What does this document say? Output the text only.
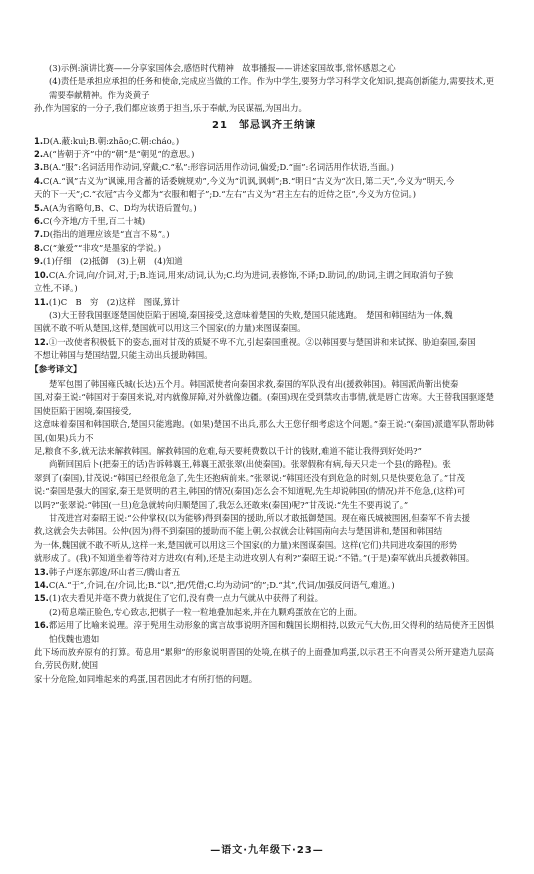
(3)示例:演讲比赛——分享家国体会,感悟时代精神　故事播报——讲述家国故事,常怀感恩之心

(4)责任是承担应承担的任务和使命,完成应当做的工作。作为中学生,要努力学习科学文化知识,提高创新能力,需要技术,更需要奉献精神。作为炎黄子

孙,作为国家的一分子,我们都应该勇于担当,乐于奉献,为民谋福,为国出力。

21　邹忌讽齐王纳谏

1.D(A.蔽:kuì;B.朝:zhāo;C.朝:cháo。)

2.A(“皆朝于齐”中的“朝”是“朝见”的意思。)

3.B(A.“服”:名词活用作动词,穿戴;C.“私”:形容词活用作动词,偏爱;D.“面”:名词活用作状语,当面。)

4.C(A.“讽”古义为“讽谏,用含蓄的话委婉规劝”,今义为“讥讽,讽刺”;B.“明日”古义为“次日,第二天”,今义为“明天,今

天的下一天”;C.“衣冠”古今义都为“衣服和帽子”;D.“左右”古义为“君主左右的近侍之臣”,今义为方位词。)

5.A(A为省略句,B、C、D均为状语后置句。)

6.C(今齐地/方千里,百二十城)

7.D(指出的道理应该是“直言不易”。)

8.C(“兼爱”“非攻”是墨家的学说。)

9.(1)仔细　(2)抵御　(3)上朝　(4)知道

10.C(A.介词,向/介词,对,于;B.连词,用来/动词,认为;C.均为进词,表修饰,不译;D.助词,的/助词,主谓之间取消句子独

立性,不译。)

11.(1)C　B　穷　(2)这样　图谋,算计

(3)大王替我国驱逐楚国使臣陷于困境,秦国接受,这意味着楚国的失败,楚国只能逃跑。　楚国和韩国结为一体,魏

国就不敢不听从楚国,这样,楚国就可以用这三个国家(的力量)来图谋秦国。

12.①一改使者积极低下的姿态,面对甘茂的质疑不卑不亢,引起秦国重视。②以韩国要与楚国讲和来试探、胁迫秦国,秦国

不想让韩国与楚国结盟,只能主动出兵援助韩国。

【参考译文】

楚军包围了韩国雍氏城(长达)五个月。韩国派使者向秦国求救,秦国的军队没有出(援救韩国)。韩国派尚靳出使秦

国,对秦王说:“韩国对于秦国来说,对内就像屏障,对外就像边疆。(秦国)现在受到禁攻击事情,就是唇亡齿寒。大王替我国驱逐楚国使臣陷于困境,秦国接受,

这意味着秦国和韩国联合,楚国只能逃跑。(如果)楚国不出兵,那么大王您仔细考虑这个问题。”秦王说:“(秦国)派遣军队帮助韩国,(如果)兵力不

足,粮食不多,就无法来解救韩国。解救韩国的危难,每天要耗费数以千计的钱财,难道不能让我得到好处吗?”

尚靳回国后卜(把秦王的话)告诉韩襄王,韩襄王派张翠(出使秦国)。张翠假称有病,每天只走一个县(的路程)。张

翠到了(秦国),甘茂说:“韩国已经很危急了,先生还抱病前来。”张翠说:“韩国还没有到危急的时刻,只是快要危急了。”甘茂

说:“秦国是强大的国家,秦王是贤明的君主,韩国的情况(秦国)怎么会不知道呢,先生却说韩国(的情况)并不危急,(这样)可

以吗?”张翠说:“韩国(一旦)危急就转向归顺楚国了,我怎么还敢来(秦国)呢?”甘茂说:“先生不要再说了。”

甘茂进宫对秦昭王说:“公仲掌权(以为能够)得到秦国的援助,所以才敢抵御楚国。现在雍氏城被围困,但秦军不肯去援

救,这就会失去韩国。公仲(因为)得不到秦国的援助而不能上朝,公叔就会让韩国南向去与楚国讲和,楚国和韩国结

为一体,魏国就不敢不听从,这样一来,楚国就可以用这三个国家(的力量)来图谋秦国。这样(它们)共同进攻秦国的形势

就形成了。(我)不知道坐着等待对方进攻(有利),还是主动进攻别人有利?”秦昭王说:“不错。”(于是)秦军就出兵援救韩国。

13.韩子卢逐东郭逡/环山者三/腾山者五

14.C(A.“于”,介词,在/介词,比;B.“以”,把/凭借;C.均为动词“的”;D.“其”,代词/加强反问语气,难道。)

15.(1)农夫看见并毫不费力就捉住了它们,没有费一点力气就从中获得了利益。

(2)荀息端正脸色,专心致志,把棋子一粒一粒地叠加起来,并在九颗鸡蛋放在它的上面。

16.都运用了比喻来说理。淳于髡用生动形象的寓言故事说明齐国和魏国长期相持,以致元气大伤,田父得利的结局使齐王因惧怕伐魏也遗如

此下场而放弃原有的打算。荀息用“累卵”的形象说明晋国的处境,在棋子的上面叠加鸡蛋,以示君王不向晋灵公所开建造九层高台,劳民伤财,使国

家十分危险,如同堆起来的鸡蛋,国君因此才有所打悟的问题。

—语文·九年级下·23—
